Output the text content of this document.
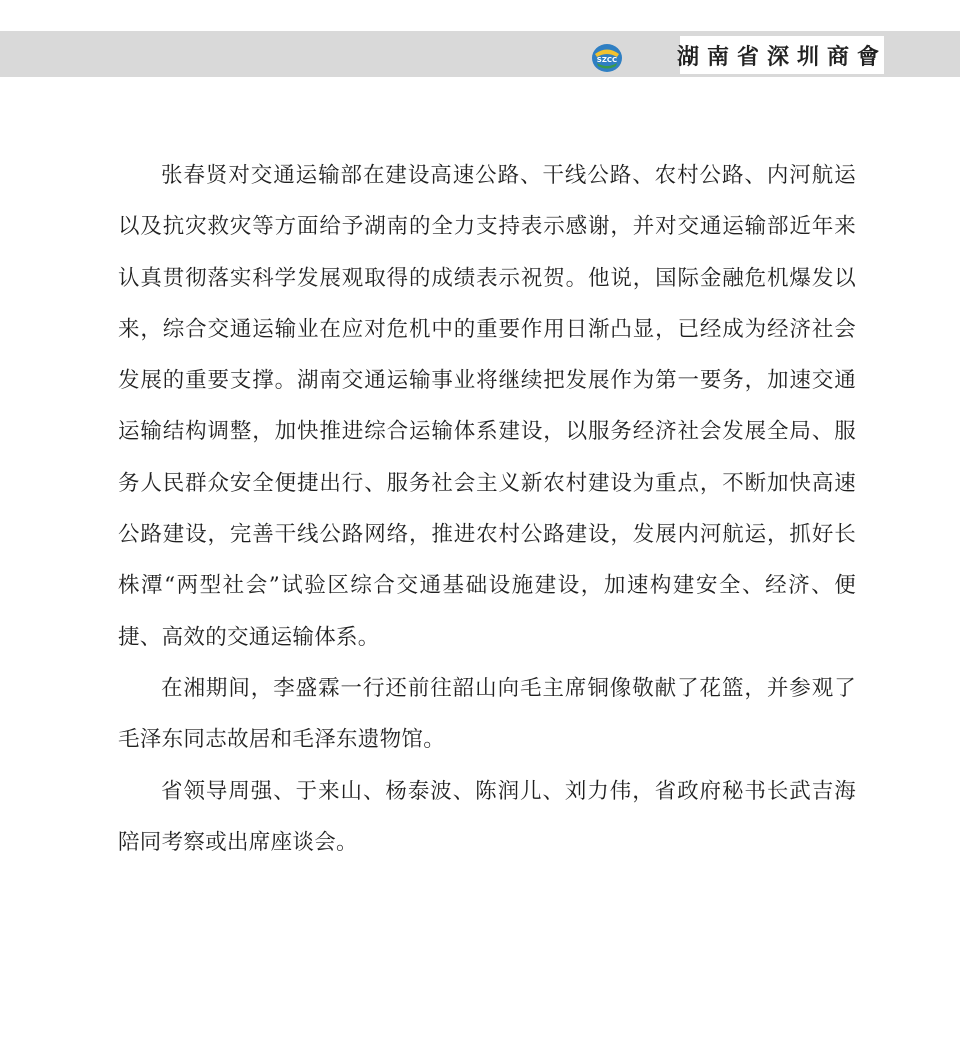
SZCC	湖南省深圳商會

张春贤对交通运输部在建设高速公路、干线公路、农村公路、内河航运以及抗灾救灾等方面给予湖南的全力支持表示感谢，并对交通运输部近年来认真贯彻落实科学发展观取得的成绩表示祝贺。他说，国际金融危机爆发以来，综合交通运输业在应对危机中的重要作用日渐凸显，已经成为经济社会发展的重要支撑。湖南交通运输事业将继续把发展作为第一要务，加速交通运输结构调整，加快推进综合运输体系建设，以服务经济社会发展全局、服务人民群众安全便捷出行、服务社会主义新农村建设为重点，不断加快高速公路建设，完善干线公路网络，推进农村公路建设，发展内河航运，抓好长株潭“两型社会”试验区综合交通基础设施建设，加速构建安全、经济、便捷、高效的交通运输体系。

在湘期间，李盛霖一行还前往韶山向毛主席铜像敬献了花篮，并参观了毛泽东同志故居和毛泽东遗物馆。

省领导周强、于来山、杨泰波、陈润儿、刘力伟，省政府秘书长武吉海陪同考察或出席座谈会。
